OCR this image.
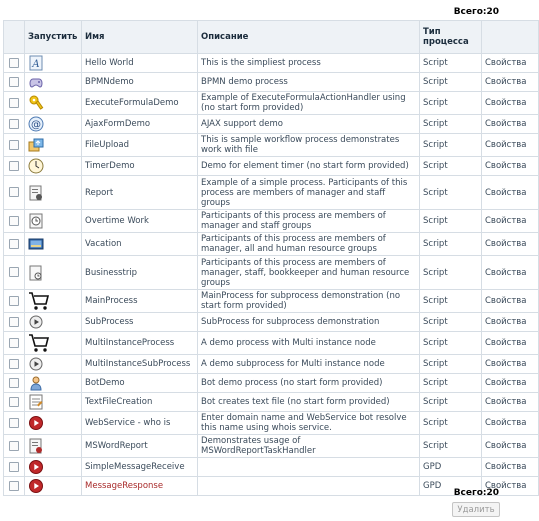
Всего:20
	Запустить	Имя	Описание	Тип процесса	

A	Hello World	This is the simpliest process	Script	Свойства

	BPMNdemo	BPMN demo process	Script	Свойства

	ExecuteFormulaDemo	Example of ExecuteFormulaActionHandler using (no start form provided)	Script	Свойства

@	AjaxFormDemo	AJAX support demo	Script	Свойства

	FileUpload	This is sample workflow process demonstrates work with file	Script	Свойства

	TimerDemo	Demo for element timer (no start form provided)	Script	Свойства

	Report	Example of a simple process. Participants of this process are members of manager and staff groups	Script	Свойства

	Overtime Work	Participants of this process are members of manager and staff groups	Script	Свойства

	Vacation	Participants of this process are members of manager, all and human resource groups	Script	Свойства

	Businesstrip	Participants of this process are members of manager, staff, bookkeeper and human resource groups	Script	Свойства

	MainProcess	MainProcess for subprocess demonstration (no start form provided)	Script	Свойства

	SubProcess	SubProcess for subprocess demonstration	Script	Свойства

	MultiInstanceProcess	A demo process with Multi instance node	Script	Свойства

	MultiInstanceSubProcess	A demo subprocess for Multi instance node	Script	Свойства

	BotDemo	Bot demo process (no start form provided)	Script	Свойства

	TextFileCreation	Bot creates text file (no start form provided)	Script	Свойства

	WebService - who is	Enter domain name and WebService bot resolve this name using whois service.	Script	Свойства

	MSWordReport	Demonstrates usage of MSWordReportTaskHandler	Script	Свойства

	SimpleMessageReceive		GPD	Свойства

	MessageResponse		GPD	Свойства
Всего:20
Удалить
